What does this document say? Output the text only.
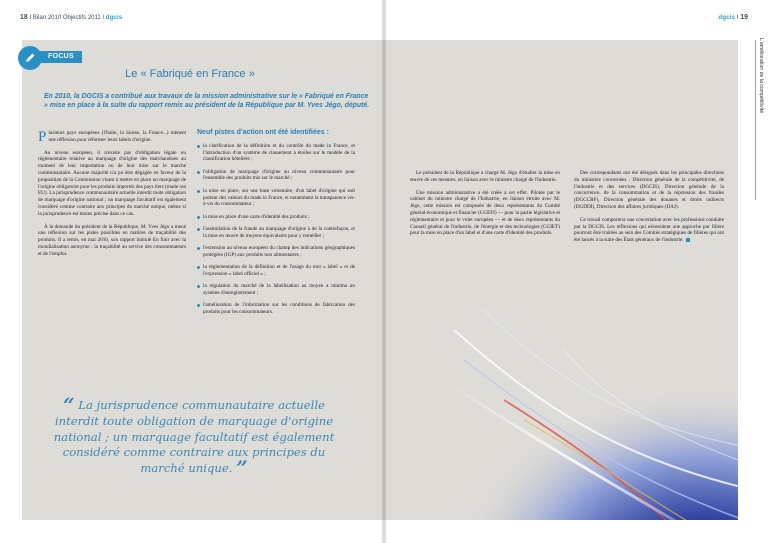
18 I Bilan 2010 Objectifs 2011 I dgcis
FOCUS
Le « Fabriqué en France »
En 2010, la DGCIS a contribué aux travaux de la mission administrative sur le « Fabriqué en France » mise en place à la suite du rapport remis au président de la République par M. Yves Jégo, député.

Plusieurs pays européens (l'Italie, la Suisse, la France...) mènent une réflexion pour réformer leurs labels d'origine.

Au niveau européen, il n'existe pas d'obligation légale ou réglementaire relative au marquage d'origine des marchandises au moment de leur importation ou de leur mise sur le marché communautaire. Aucune majorité n'a pu être dégagée en faveur de la proposition de la Commission visant à mettre en place un marquage de l'origine obligatoire pour les produits importés des pays tiers (made out EU). La jurisprudence communautaire actuelle interdit toute obligation de marquage d'origine national ; un marquage facultatif est également considéré comme contraire aux principes du marché unique, même si la jurisprudence est moins précise dans ce cas.

À la demande du président de la République, M. Yves Jégo a mené une réflexion sur les pistes possibles en matière de traçabilité des produits. Il a remis, en mai 2010, son rapport intitulé En finir avec la mondialisation anonyme : la traçabilité au service des consommateurs et de l'emploi.

Neuf pistes d'action ont été identifiées :
la clarification de la définition et du contrôle du made in France, et l'introduction d'un système de classement à étoiles sur le modèle de la classification hôtelière ;
l'obligation de marquage d'origine au niveau communautaire pour l'ensemble des produits mis sur le marché ;
la mise en place, sur une base volontaire, d'un label d'origine qui soit porteur des valeurs du made in France, et notamment la transparence vis-à-vis du consommateur ;
la mise en place d'une carte d'identité des produits ;
l'assimilation de la fraude au marquage d'origine à de la contrefaçon, et la mise en œuvre de moyens équivalents pour y remédier ;
l'extension au niveau européen du champ des indications géographiques protégées (IGP) aux produits non alimentaires ;
la réglementation de la définition et de l'usage du mot « label » et de l'expression « label officiel » ;
la régulation du marché de la labellisation au moyen a minima un système d'enregistrement ;
l'amélioration de l'information sur les conditions de fabrication des produits pour les consommateurs.
“ La jurisprudence communautaire actuelle interdit toute obligation de marquage d'origine national ; un marquage facultatif est également considéré comme contraire aux principes du marché unique. ”

Le président de la République a chargé M. Jégo d'étudier la mise en œuvre de ces mesures, en liaison avec le ministre chargé de l'Industrie.

Une mission administrative a été créée à cet effet. Pilotée par le cabinet du ministre chargé de l'Industrie, en liaison étroite avec M. Jégo, cette mission est composée de deux représentants du Comité général économique et financier (CGEFI) — pour la partie législative et réglementaire et pour le volet européen — et de deux représentants du Conseil général de l'industrie, de l'énergie et des technologies (CGIET) pour la mise en place d'un label et d'une carte d'identité des produits.

Des correspondants ont été désignés dans les principales directions du ministère concernées : Direction générale de la compétitivité, de l'industrie et des services (DGCIS), Direction générale de la concurrence, de la consommation et de la répression des fraudes (DGCCRF), Direction générale des douanes et droits indirects (DGDDI), Direction des affaires juridiques (DAJ).

Ce travail comportera une concertation avec les professions conduite par la DGCIS. Les réflexions qui nécessitent une approche par filière pourront être traitées au sein des Comités stratégiques de filières qui ont été lancés à la suite des États généraux de l'industrie.

dgcis I 19
L'amélioration de la compétitivité
